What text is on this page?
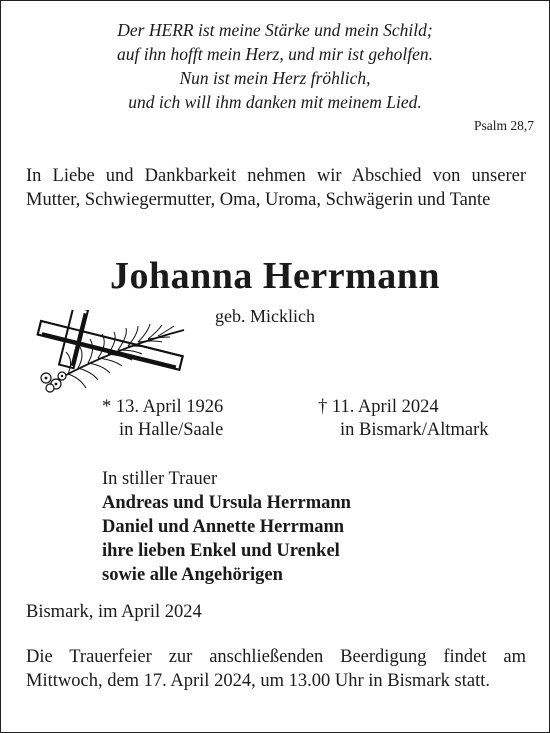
Der HERR ist meine Stärke und mein Schild;
auf ihn hofft mein Herz, und mir ist geholfen.
Nun ist mein Herz fröhlich,
und ich will ihm danken mit meinem Lied.
Psalm 28,7
In Liebe und Dankbarkeit nehmen wir Abschied von unserer Mutter, Schwiegermutter, Oma, Uroma, Schwägerin und Tante
Johanna Herrmann
geb. Micklich
* 13. April 1926
in Halle/Saale
† 11. April 2024
in Bismark/Altmark
In stiller Trauer
Andreas und Ursula Herrmann
Daniel und Annette Herrmann
ihre lieben Enkel und Urenkel
sowie alle Angehörigen
Bismark, im April 2024
Die Trauerfeier zur anschließenden Beerdigung findet am Mittwoch, dem 17. April 2024, um 13.00 Uhr in Bismark statt.
